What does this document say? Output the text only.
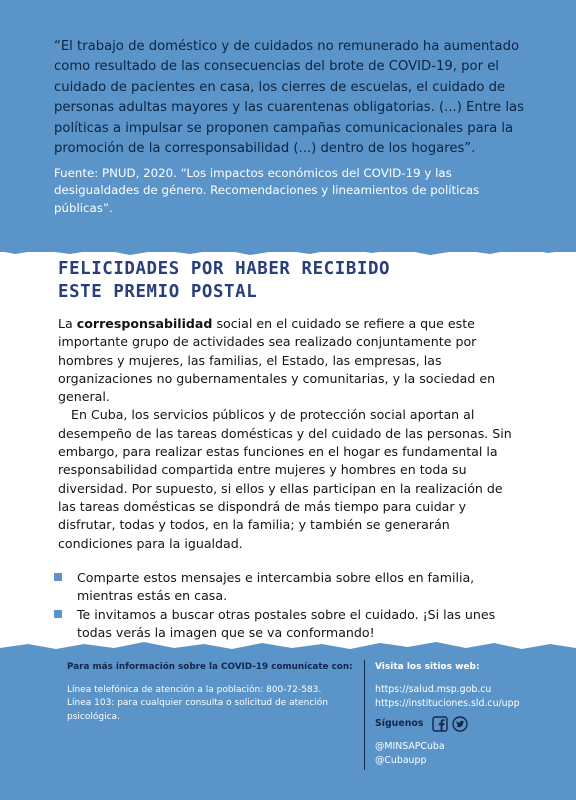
“El trabajo de doméstico y de cuidados no remunerado ha aumentado como resultado de las consecuencias del brote de COVID-19, por el cuidado de pacientes en casa, los cierres de escuelas, el cuidado de personas adultas mayores y las cuarentenas obligatorias. (...) Entre las políticas a impulsar se proponen campañas comunicacionales para la promoción de la corresponsabilidad (...) dentro de los hogares”.

Fuente: PNUD, 2020. “Los impactos económicos del COVID-19 y las desigualdades de género. Recomendaciones y lineamientos de políticas públicas”.

FELICIDADES POR HABER RECIBIDO
ESTE PREMIO POSTAL

La corresponsabilidad social en el cuidado se refiere a que este importante grupo de actividades sea realizado conjuntamente por hombres y mujeres, las familias, el Estado, las empresas, las organizaciones no gubernamentales y comunitarias, y la sociedad en general.

En Cuba, los servicios públicos y de protección social aportan al desempeño de las tareas domésticas y del cuidado de las personas. Sin embargo, para realizar estas funciones en el hogar es fundamental la responsabilidad compartida entre mujeres y hombres en toda su diversidad. Por supuesto, si ellos y ellas participan en la realización de las tareas domésticas se dispondrá de más tiempo para cuidar y disfrutar, todas y todos, en la familia; y también se generarán condiciones para la igualdad.

Comparte estos mensajes e intercambia sobre ellos en familia, mientras estás en casa.
Te invitamos a buscar otras postales sobre el cuidado. ¡Si las unes todas verás la imagen que se va conformando!

Para más información sobre la COVID-19 comunícate con:

Línea telefónica de atención a la población: 800-72-583.
Línea 103: para cualquier consulta o solicitud de atención psicológica.

Visita los sitios web:

https://salud.msp.gob.cu

https://instituciones.sld.cu/upp

Síguenos

@MINSAPCuba

@Cubaupp
